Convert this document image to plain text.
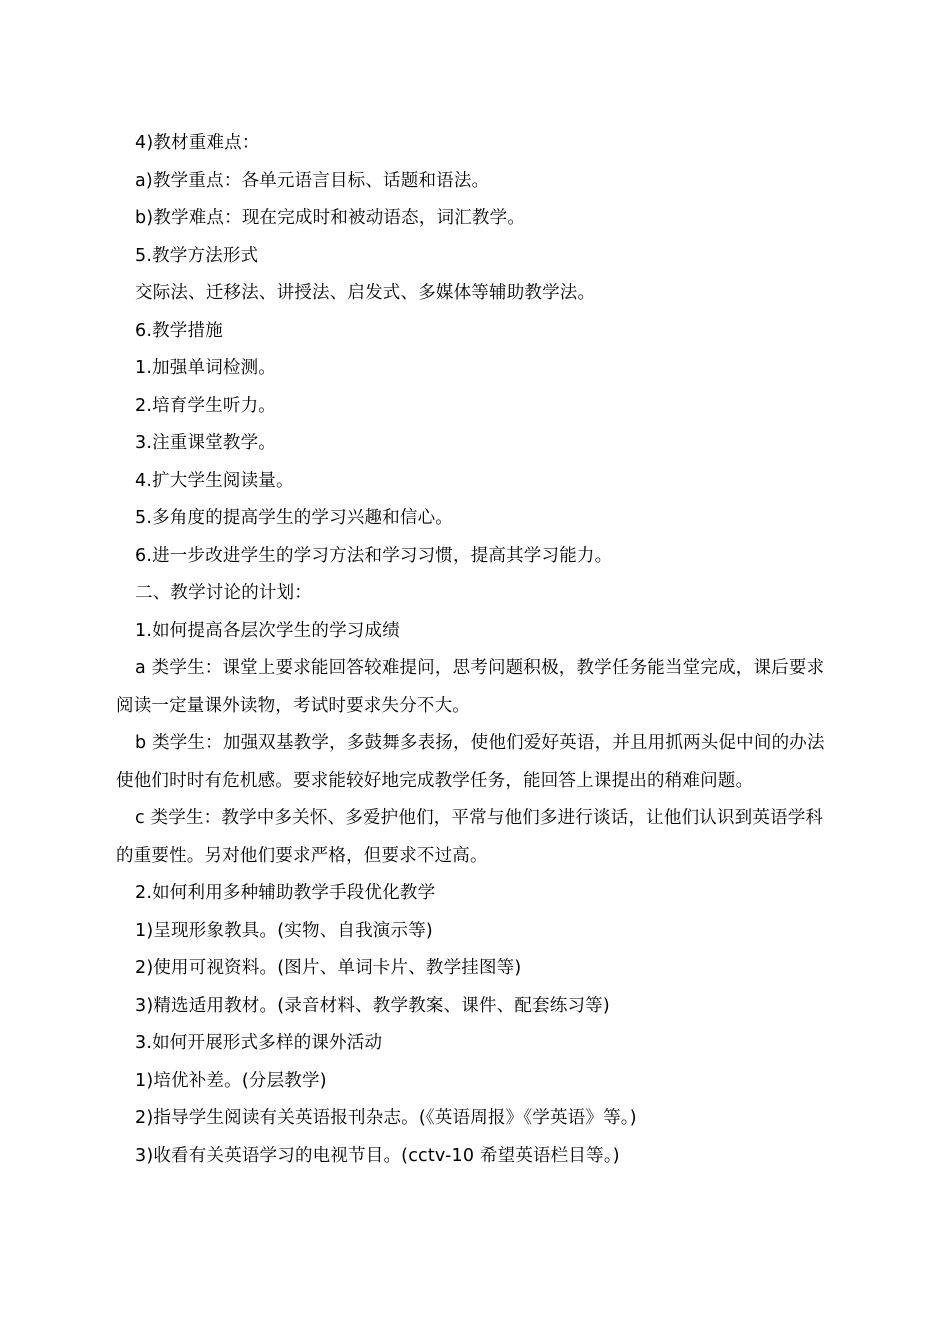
4)教材重难点：

a)教学重点：各单元语言目标、话题和语法。

b)教学难点：现在完成时和被动语态，词汇教学。

5.教学方法形式

交际法、迁移法、讲授法、启发式、多媒体等辅助教学法。

6.教学措施

1.加强单词检测。

2.培育学生听力。

3.注重课堂教学。

4.扩大学生阅读量。

5.多角度的提高学生的学习兴趣和信心。

6.进一步改进学生的学习方法和学习习惯，提高其学习能力。

二、教学讨论的计划：

1.如何提高各层次学生的学习成绩

a 类学生：课堂上要求能回答较难提问，思考问题积极，教学任务能当堂完成，课后要求阅读一定量课外读物，考试时要求失分不大。

b 类学生：加强双基教学，多鼓舞多表扬，使他们爱好英语，并且用抓两头促中间的办法使他们时时有危机感。要求能较好地完成教学任务，能回答上课提出的稍难问题。

c 类学生：教学中多关怀、多爱护他们，平常与他们多进行谈话，让他们认识到英语学科的重要性。另对他们要求严格，但要求不过高。

2.如何利用多种辅助教学手段优化教学

1)呈现形象教具。(实物、自我演示等)

2)使用可视资料。(图片、单词卡片、教学挂图等)

3)精选适用教材。(录音材料、教学教案、课件、配套练习等)

3.如何开展形式多样的课外活动

1)培优补差。(分层教学)

2)指导学生阅读有关英语报刊杂志。(《英语周报》《学英语》等。)

3)收看有关英语学习的电视节目。(cctv-10 希望英语栏目等。)
